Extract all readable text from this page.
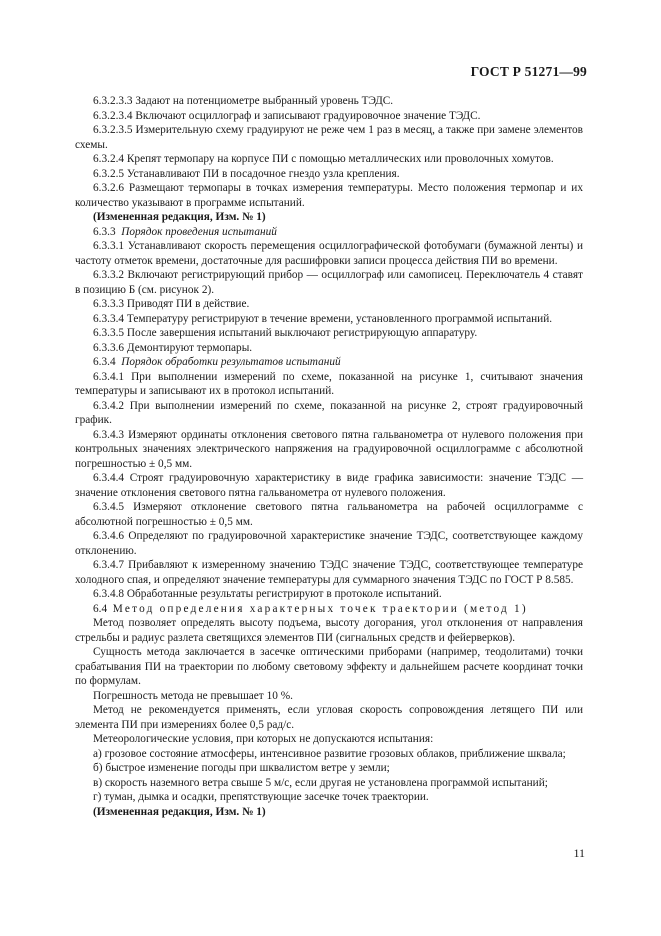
ГОСТ Р 51271—99

6.3.2.3.3 Задают на потенциометре выбранный уровень ТЭДС.

6.3.2.3.4 Включают осциллограф и записывают градуировочное значение ТЭДС.

6.3.2.3.5 Измерительную схему градуируют не реже чем 1 раз в месяц, а также при замене элементов схемы.

6.3.2.4 Крепят термопару на корпусе ПИ с помощью металлических или проволочных хомутов.

6.3.2.5 Устанавливают ПИ в посадочное гнездо узла крепления.

6.3.2.6 Размещают термопары в точках измерения температуры. Место положения термопар и их количество указывают в программе испытаний.

(Измененная редакция, Изм. № 1)

6.3.3  Порядок проведения испытаний

6.3.3.1 Устанавливают скорость перемещения осциллографической фотобумаги (бумажной ленты) и частоту отметок времени, достаточные для расшифровки записи процесса действия ПИ во времени.

6.3.3.2 Включают регистрирующий прибор — осциллограф или самописец. Переключатель 4 ставят в позицию Б (см. рисунок 2).

6.3.3.3 Приводят ПИ в действие.

6.3.3.4 Температуру регистрируют в течение времени, установленного программой испытаний.

6.3.3.5 После завершения испытаний выключают регистрирующую аппаратуру.

6.3.3.6 Демонтируют термопары.

6.3.4  Порядок обработки результатов испытаний

6.3.4.1 При выполнении измерений по схеме, показанной на рисунке 1, считывают значения температуры и записывают их в протокол испытаний.

6.3.4.2 При выполнении измерений по схеме, показанной на рисунке 2, строят градуировочный график.

6.3.4.3 Измеряют ординаты отклонения светового пятна гальванометра от нулевого положения при контрольных значениях электрического напряжения на градуировочной осциллограмме с абсолютной погрешностью ± 0,5 мм.

6.3.4.4 Строят градуировочную характеристику в виде графика зависимости: значение ТЭДС — значение отклонения светового пятна гальванометра от нулевого положения.

6.3.4.5 Измеряют отклонение светового пятна гальванометра на рабочей осциллограмме с абсолютной погрешностью ± 0,5 мм.

6.3.4.6 Определяют по градуировочной характеристике значение ТЭДС, соответствующее каждому отклонению.

6.3.4.7 Прибавляют к измеренному значению ТЭДС значение ТЭДС, соответствующее температуре холодного спая, и определяют значение температуры для суммарного значения ТЭДС по ГОСТ Р 8.585.

6.3.4.8 Обработанные результаты регистрируют в протоколе испытаний.

6.4  Метод определения характерных точек траектории (метод 1)

Метод позволяет определять высоту подъема, высоту догорания, угол отклонения от направления стрельбы и радиус разлета светящихся элементов ПИ (сигнальных средств и фейерверков).

Сущность метода заключается в засечке оптическими приборами (например, теодолитами) точки срабатывания ПИ на траектории по любому световому эффекту и дальнейшем расчете координат точки по формулам.

Погрешность метода не превышает 10 %.

Метод не рекомендуется применять, если угловая скорость сопровождения летящего ПИ или элемента ПИ при измерениях более 0,5 рад/с.

Метеорологические условия, при которых не допускаются испытания:

а) грозовое состояние атмосферы, интенсивное развитие грозовых облаков, приближение шквала;

б) быстрое изменение погоды при шквалистом ветре у земли;

в) скорость наземного ветра свыше 5 м/с, если другая не установлена программой испытаний;

г) туман, дымка и осадки, препятствующие засечке точек траектории.

(Измененная редакция, Изм. № 1)

11
